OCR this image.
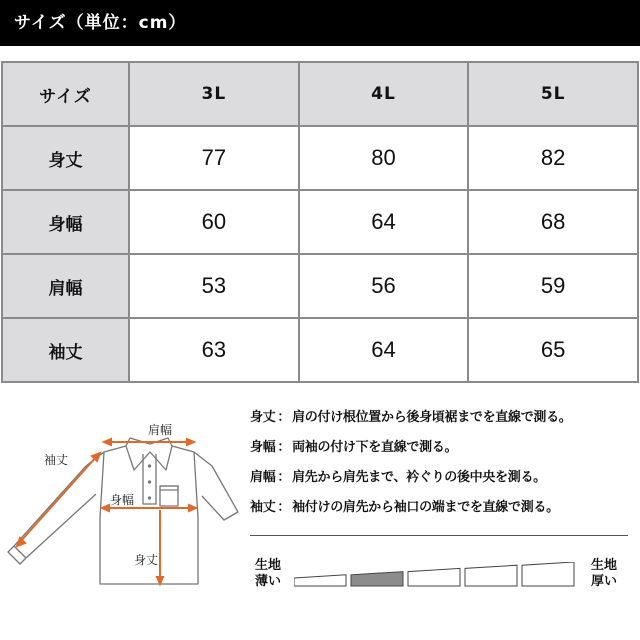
サイズ（単位：cm）
サイズ	3L	4L	5L
身丈	77	80	82
身幅	60	64	68
肩幅	53	56	59
袖丈	63	64	65
肩幅
袖丈
身幅
身丈
身丈 ： 肩の付け根位置から後身頃裾までを直線で測る。
身幅 ： 両袖の付け下を直線で測る。
肩幅 ： 肩先から肩先まで、衿ぐりの後中央を測る。
袖丈 ： 袖付けの肩先から袖口の端までを直線で測る。
生地
薄い
生地
厚い
